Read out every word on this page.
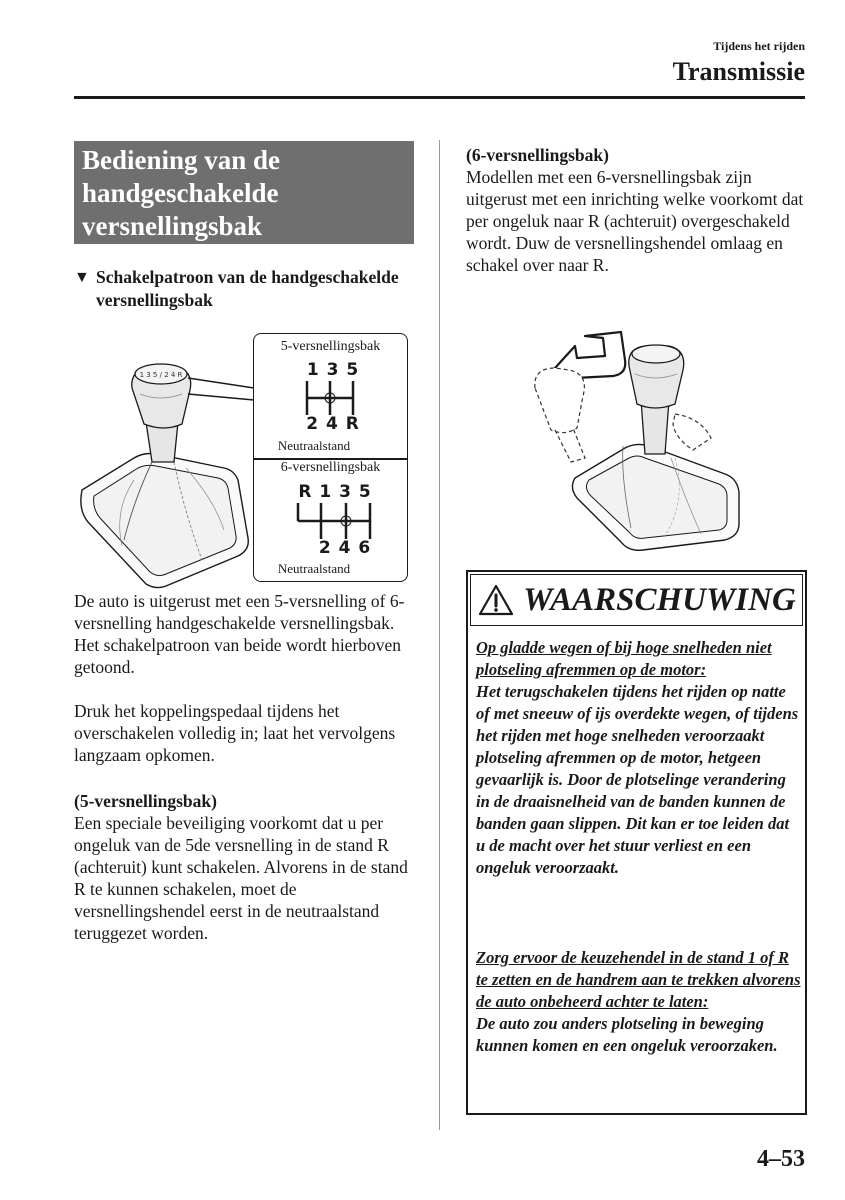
Tijdens het rijden
Transmissie
Bediening van de handgeschakelde versnellingsbak
▼ Schakelpatroon van de handgeschakelde versnellingsbak
1 3 5 / 2 4 R
5-versnellingsbak
1 3 5
2 4 R
Neutraalstand
6-versnellingsbak
R 1 3 5
2 4 6
Neutraalstand
De auto is uitgerust met een 5-versnelling of 6-versnelling handgeschakelde versnellingsbak. Het schakelpatroon van beide wordt hierboven getoond.
Druk het koppelingspedaal tijdens het overschakelen volledig in; laat het vervolgens langzaam opkomen.
(5-versnellingsbak)
Een speciale beveiliging voorkomt dat u per ongeluk van de 5de versnelling in de stand R (achteruit) kunt schakelen. Alvorens in de stand R te kunnen schakelen, moet de versnellingshendel eerst in de neutraalstand teruggezet worden.
(6-versnellingsbak)
Modellen met een 6-versnellingsbak zijn uitgerust met een inrichting welke voorkomt dat per ongeluk naar R (achteruit) overgeschakeld wordt. Duw de versnellingshendel omlaag en schakel over naar R.
WAARSCHUWING
Op gladde wegen of bij hoge snelheden niet plotseling afremmen op de motor:
Het terugschakelen tijdens het rijden op natte of met sneeuw of ijs overdekte wegen, of tijdens het rijden met hoge snelheden veroorzaakt plotseling afremmen op de motor, hetgeen gevaarlijk is. Door de plotselinge verandering in de draaisnelheid van de banden kunnen de banden gaan slippen. Dit kan er toe leiden dat u de macht over het stuur verliest en een ongeluk veroorzaakt.
Zorg ervoor de keuzehendel in de stand 1 of R te zetten en de handrem aan te trekken alvorens de auto onbeheerd achter te laten:
De auto zou anders plotseling in beweging kunnen komen en een ongeluk veroorzaken.
4–53
